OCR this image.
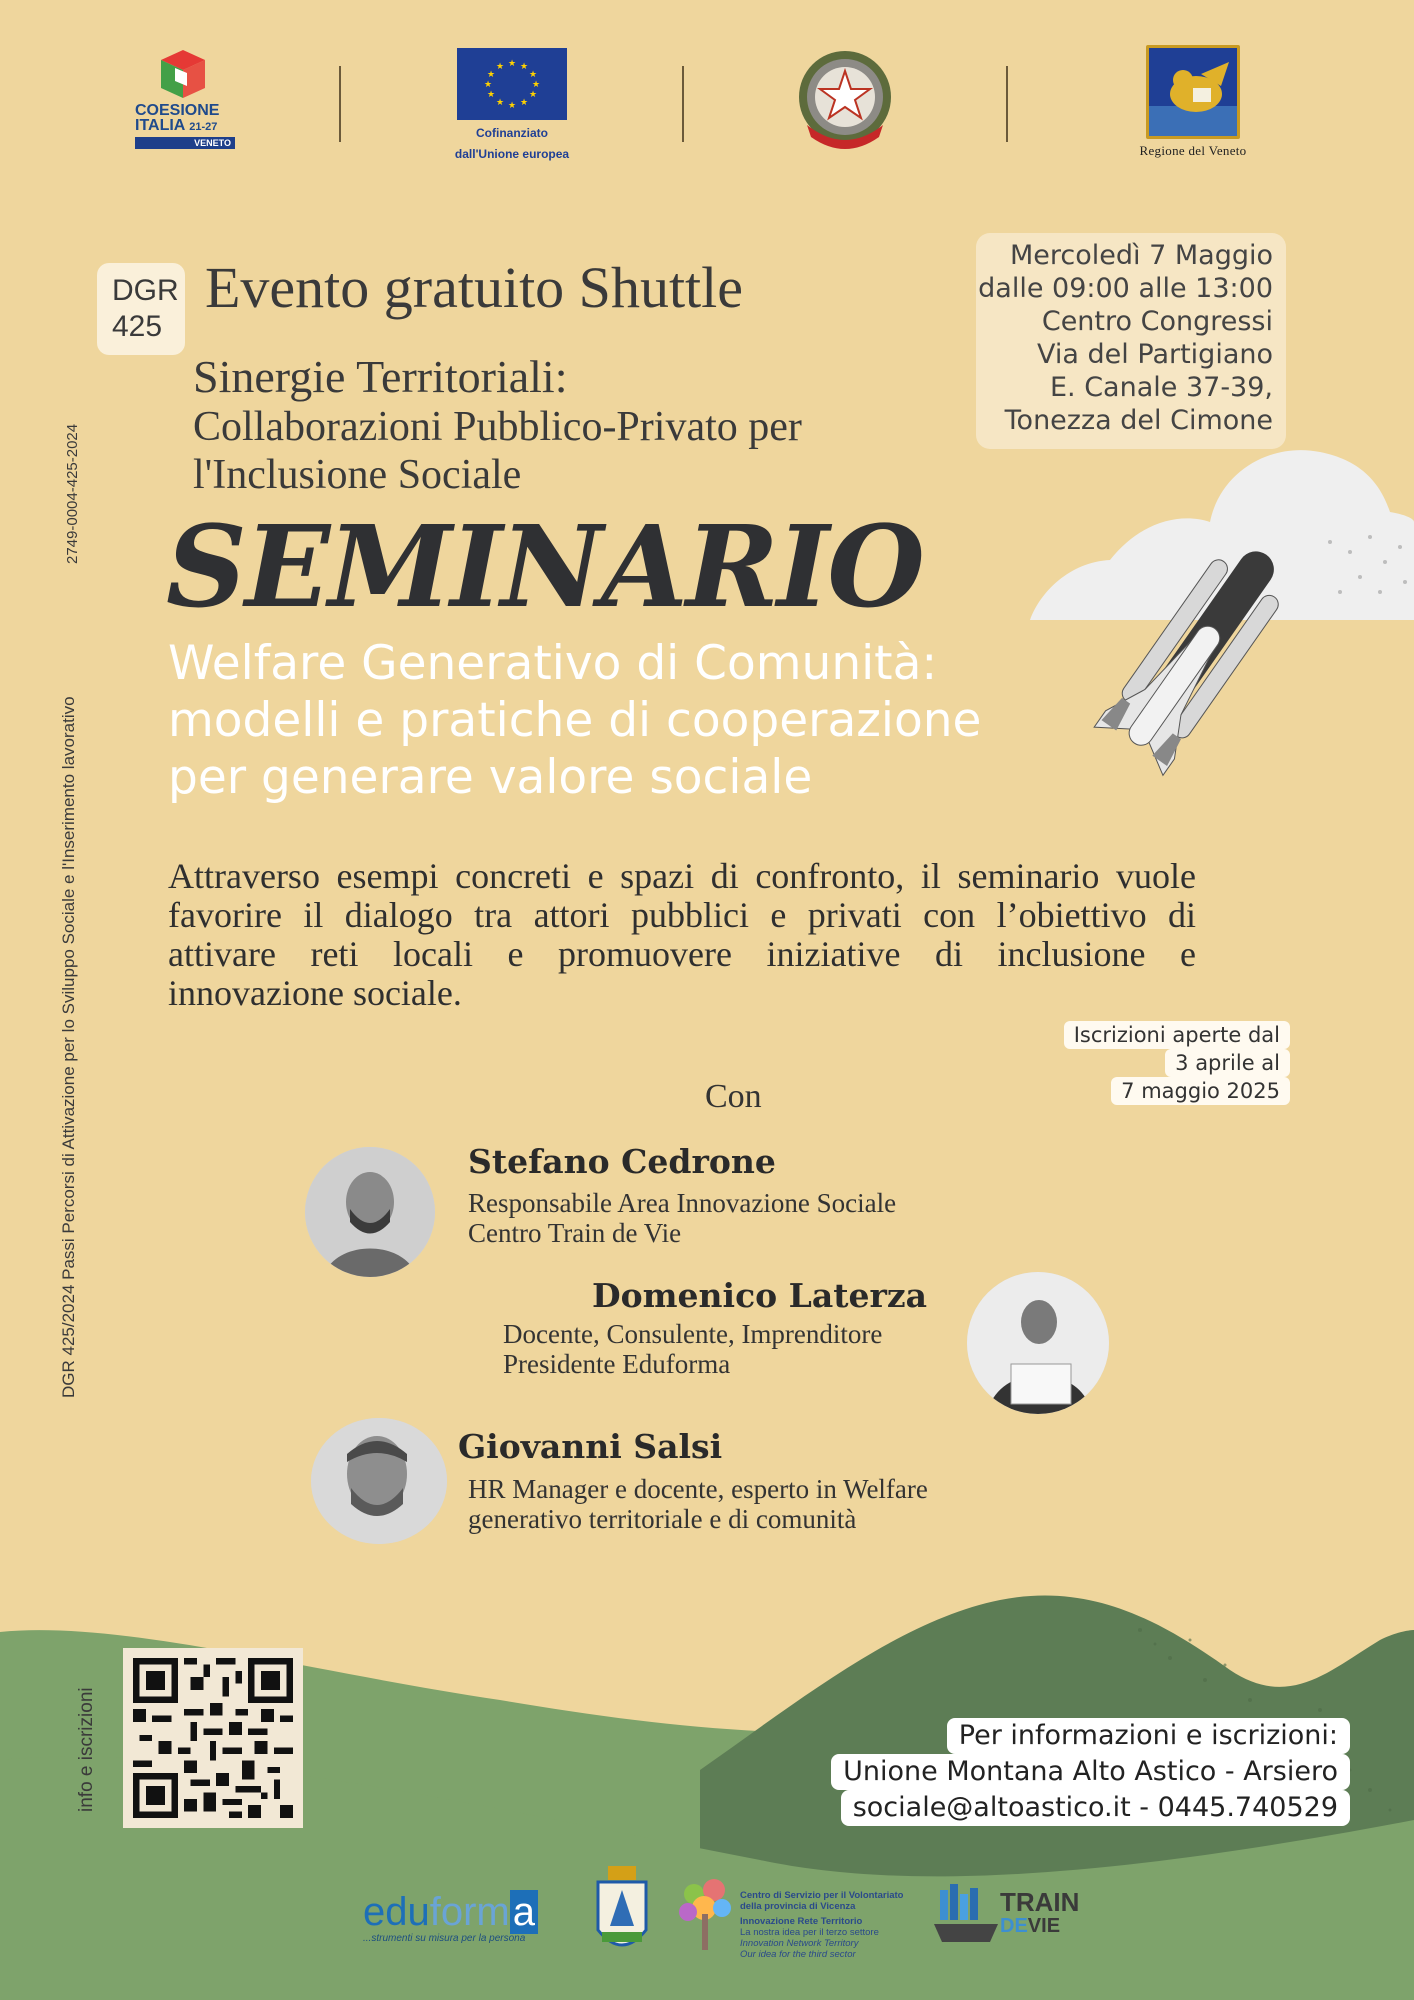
COESIONE
ITALIA 21-27
VENETO
★ ★
★
★
★
★
★
★
★
★
★
★
Cofinanziato
dall'Unione europea	Regione del Veneto
2749-0004-425-2024
DGR 425/2024 Passi Percorsi di Attivazione per lo Sviluppo Sociale e l'Inserimento lavorativo
DGR
425
Evento gratuito Shuttle
Sinergie Territoriali:
Collaborazioni Pubblico-Privato per
l'Inclusione Sociale
Mercoledì 7 Maggio
dalle 09:00 alle 13:00
Centro Congressi
Via del Partigiano
E. Canale 37-39,
Tonezza del Cimone
SEMINARIO
Welfare Generativo di Comunità:
modelli e pratiche di cooperazione
per generare valore sociale
Attraverso esempi concreti e spazi di confronto, il seminario vuole
favorire il dialogo tra attori pubblici e privati con l’obiettivo di
attivare reti locali e promuovere iniziative di inclusione e
innovazione sociale.
Iscrizioni aperte dal
3 aprile al
7 maggio 2025
Con
Stefano Cedrone
Responsabile Area Innovazione Sociale
Centro Train de Vie
Domenico Laterza
Docente, Consulente, Imprenditore
Presidente Eduforma
Giovanni Salsi
HR Manager e docente, esperto in Welfare
generativo territoriale e di comunità
info e iscrizioni	Per informazioni e iscrizioni:
Unione Montana Alto Astico - Arsiero
sociale@altoastico.it - 0445.740529
eduforma
...strumenti su misura per la persona
Centro di Servizio per il Volontariato
della provincia di Vicenza
Innovazione Rete Territorio
La nostra idea per il terzo settore
Innovation Network Territory
Our idea for the third sector
TRAIN
DEVIE
